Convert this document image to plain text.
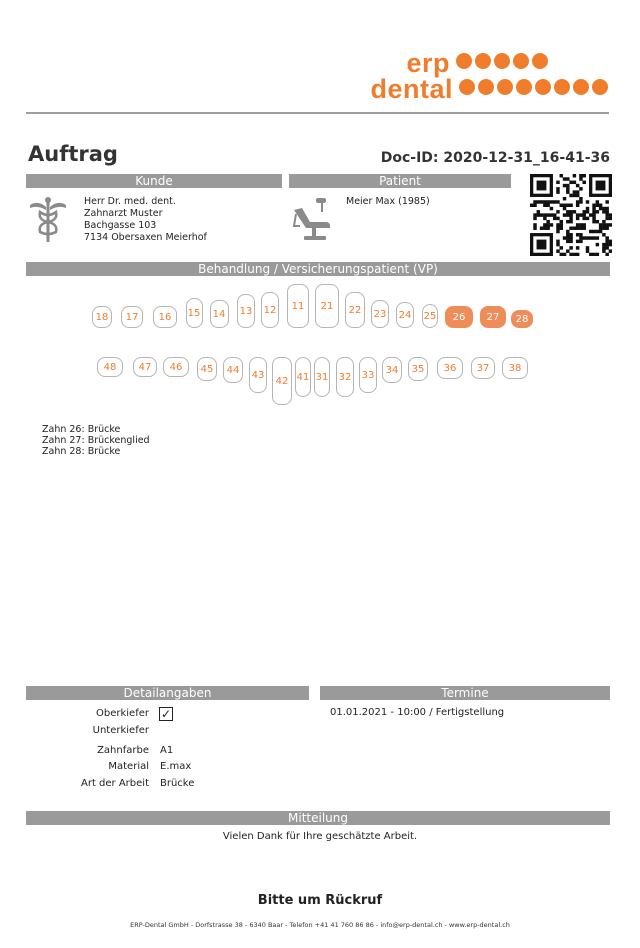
erp
dental
Auftrag	Doc-ID: 2020-12-31_16-41-36
Kunde	Patient
Herr Dr. med. dent.
Zahnarzt Muster
Bachgasse 103
7134 Obersaxen Meierhof
Meier Max (1985)
Behandlung / Versicherungspatient (VP)
18	17	16	15	14	13 12	11	21	22	23 24 25	26	27	28
48	47	46	45	44	43
42 41 31 32 33	34	35	36	37	38
Zahn 26: Brücke
Zahn 27: Brückenglied
Zahn 28: Brücke
Detailangaben	Termine
Oberkiefer ✓
Unterkiefer
Zahnfarbe A1
Material E.max
Art der Arbeit Brücke
01.01.2021 - 10:00 / Fertigstellung
Mitteilung
Vielen Dank für Ihre geschätzte Arbeit.
Bitte um Rückruf
ERP-Dental GmbH - Dorfstrasse 38 - 6340 Baar - Telefon +41 41 760 86 86 - info@erp-dental.ch - www.erp-dental.ch
